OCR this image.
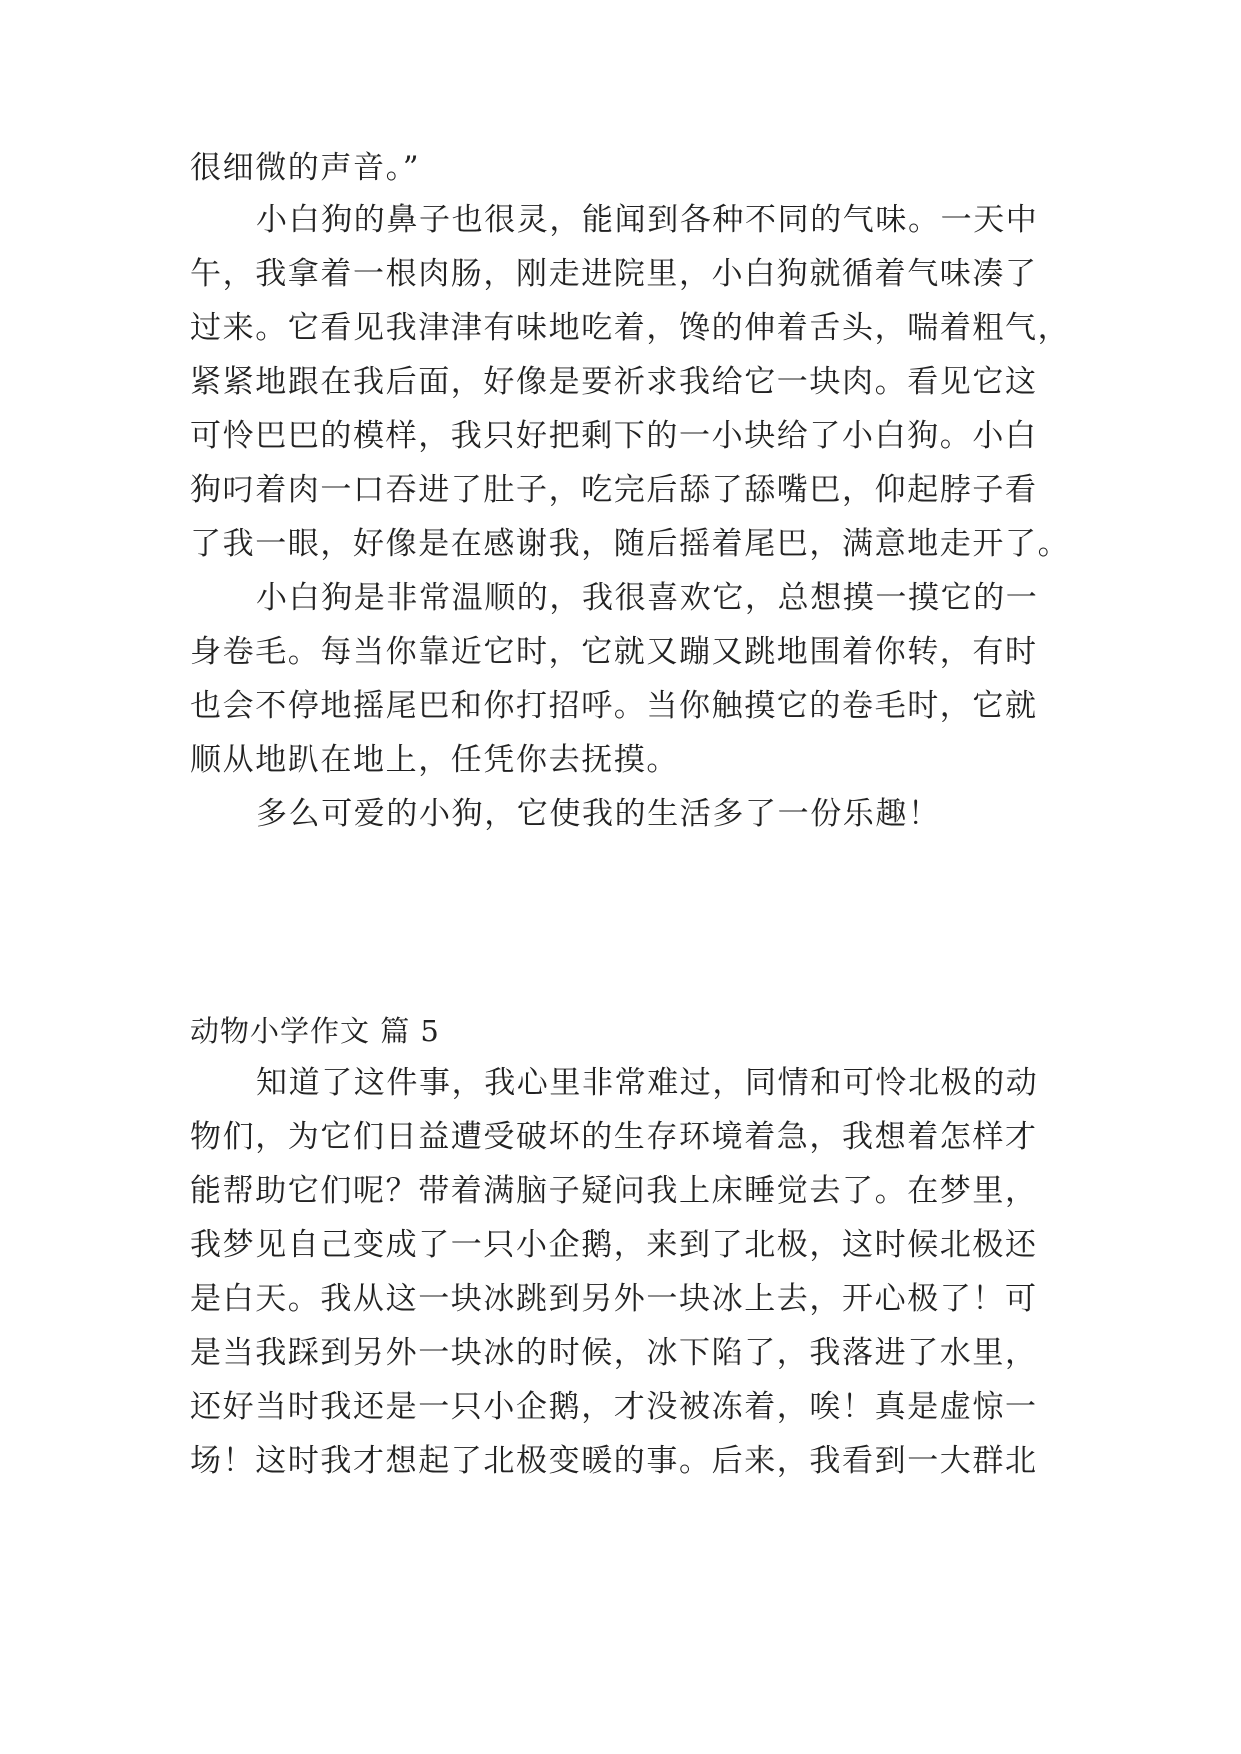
很细微的声音。”
小白狗的鼻子也很灵，能闻到各种不同的气味。一天中
午，我拿着一根肉肠，刚走进院里，小白狗就循着气味凑了
过来。它看见我津津有味地吃着，馋的伸着舌头，喘着粗气，
紧紧地跟在我后面，好像是要祈求我给它一块肉。看见它这
可怜巴巴的模样，我只好把剩下的一小块给了小白狗。小白
狗叼着肉一口吞进了肚子，吃完后舔了舔嘴巴，仰起脖子看
了我一眼，好像是在感谢我，随后摇着尾巴，满意地走开了。
小白狗是非常温顺的，我很喜欢它，总想摸一摸它的一
身卷毛。每当你靠近它时，它就又蹦又跳地围着你转，有时
也会不停地摇尾巴和你打招呼。当你触摸它的卷毛时，它就
顺从地趴在地上，任凭你去抚摸。
多么可爱的小狗，它使我的生活多了一份乐趣！
动物小学作文 篇 5
知道了这件事，我心里非常难过，同情和可怜北极的动
物们，为它们日益遭受破坏的生存环境着急，我想着怎样才
能帮助它们呢？带着满脑子疑问我上床睡觉去了。在梦里，
我梦见自己变成了一只小企鹅，来到了北极，这时候北极还
是白天。我从这一块冰跳到另外一块冰上去，开心极了！可
是当我踩到另外一块冰的时候，冰下陷了，我落进了水里，
还好当时我还是一只小企鹅，才没被冻着，唉！真是虚惊一
场！这时我才想起了北极变暖的事。后来，我看到一大群北
